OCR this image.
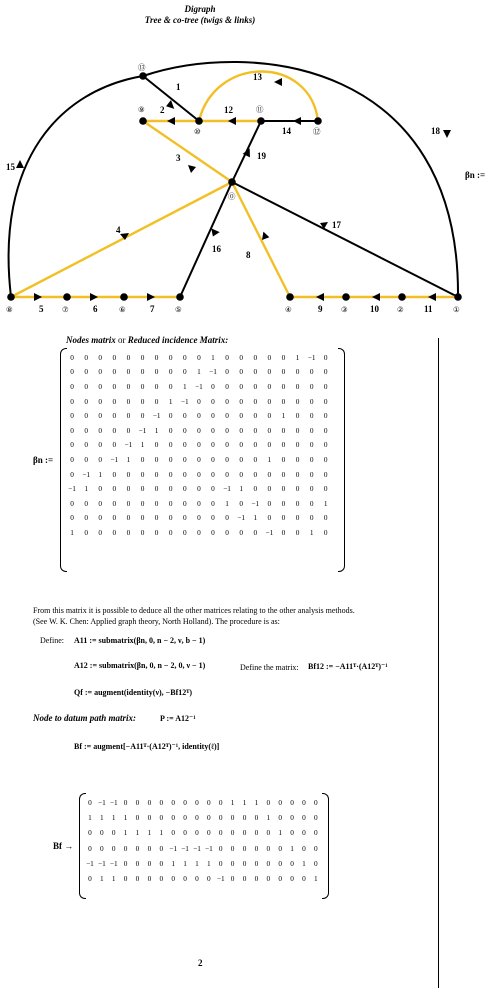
Digraph
Tree & co-tree (twigs & links)
⑬
⑨
⑩
⑪
⑫
⓪
⑧	⑦	⑥	⑤	④	③	②	①
1
2
3
4
5	6	7
8
9	10	11
12
13
14
15
16
17
18
19
βn :=
Nodes matrix or Reduced incidence Matrix:
βn :=
0	0	0	0	0	0	0	0	0	0	1	0	0	0	0	0	1	−1	0
0	0	0	0	0	0	0	0	0	1	−1	0	0	0	0	0	0	0	0
0	0	0	0	0	0	0	0	1	−1	0	0	0	0	0	0	0	0	0
0	0	0	0	0	0	0	1	−1	0	0	0	0	0	0	0	0	0	0
0	0	0	0	0	0	−1	0	0	0	0	0	0	0	0	1	0	0	0
0	0	0	0	0	−1	1	0	0	0	0	0	0	0	0	0	0	0	0
0	0	0	0	−1	1	0	0	0	0	0	0	0	0	0	0	0	0	0
0	0	0	−1	1	0	0	0	0	0	0	0	0	0	1	0	0	0	0
0	−1	1	0	0	0	0	0	0	0	0	0	0	0	0	0	0	0	0
−1	1	0	0	0	0	0	0	0	0	0	−1	1	0	0	0	0	0	0
0	0	0	0	0	0	0	0	0	0	0	1	0	−1	0	0	0	0	1
0	0	0	0	0	0	0	0	0	0	0	0	−1	1	0	0	0	0	0
1	0	0	0	0	0	0	0	0	0	0	0	0	0	−1	0	0	1	0
From this matrix it is possible to deduce all the other matrices relating to the other analysis methods.
(See W. K. Chen: Applied graph theory, North Holland). The procedure is as:
Define: A11 := submatrix(βn, 0, n − 2, ν, b − 1)
A12 := submatrix(βn, 0, n − 2, 0, ν − 1)	Define the matrix: Bf12 := −A11ᵀ·(A12ᵀ)⁻¹
Qf := augment(identity(ν), −Bf12ᵀ)
Node to datum path matrix:	P := A12⁻¹
Bf := augment[−A11ᵀ·(A12ᵀ)⁻¹, identity(ℓ)]
Bf →
0	−1	−1	0	0	0	0	0	0	0	0	0	1	1	1	0	0	0	0	0
1	1	1	1	0	0	0	0	0	0	0	0	0	0	0	1	0	0	0	0
0	0	0	1	1	1	1	0	0	0	0	0	0	0	0	0	1	0	0	0
0	0	0	0	0	0	0	−1	−1	−1	−1	0	0	0	0	0	0	1	0	0
−1	−1	−1	0	0	0	0	1	1	1	1	0	0	0	0	0	0	0	1	0
0	1	1	0	0	0	0	0	0	0	0	−1	0	0	0	0	0	0	0	1
2
